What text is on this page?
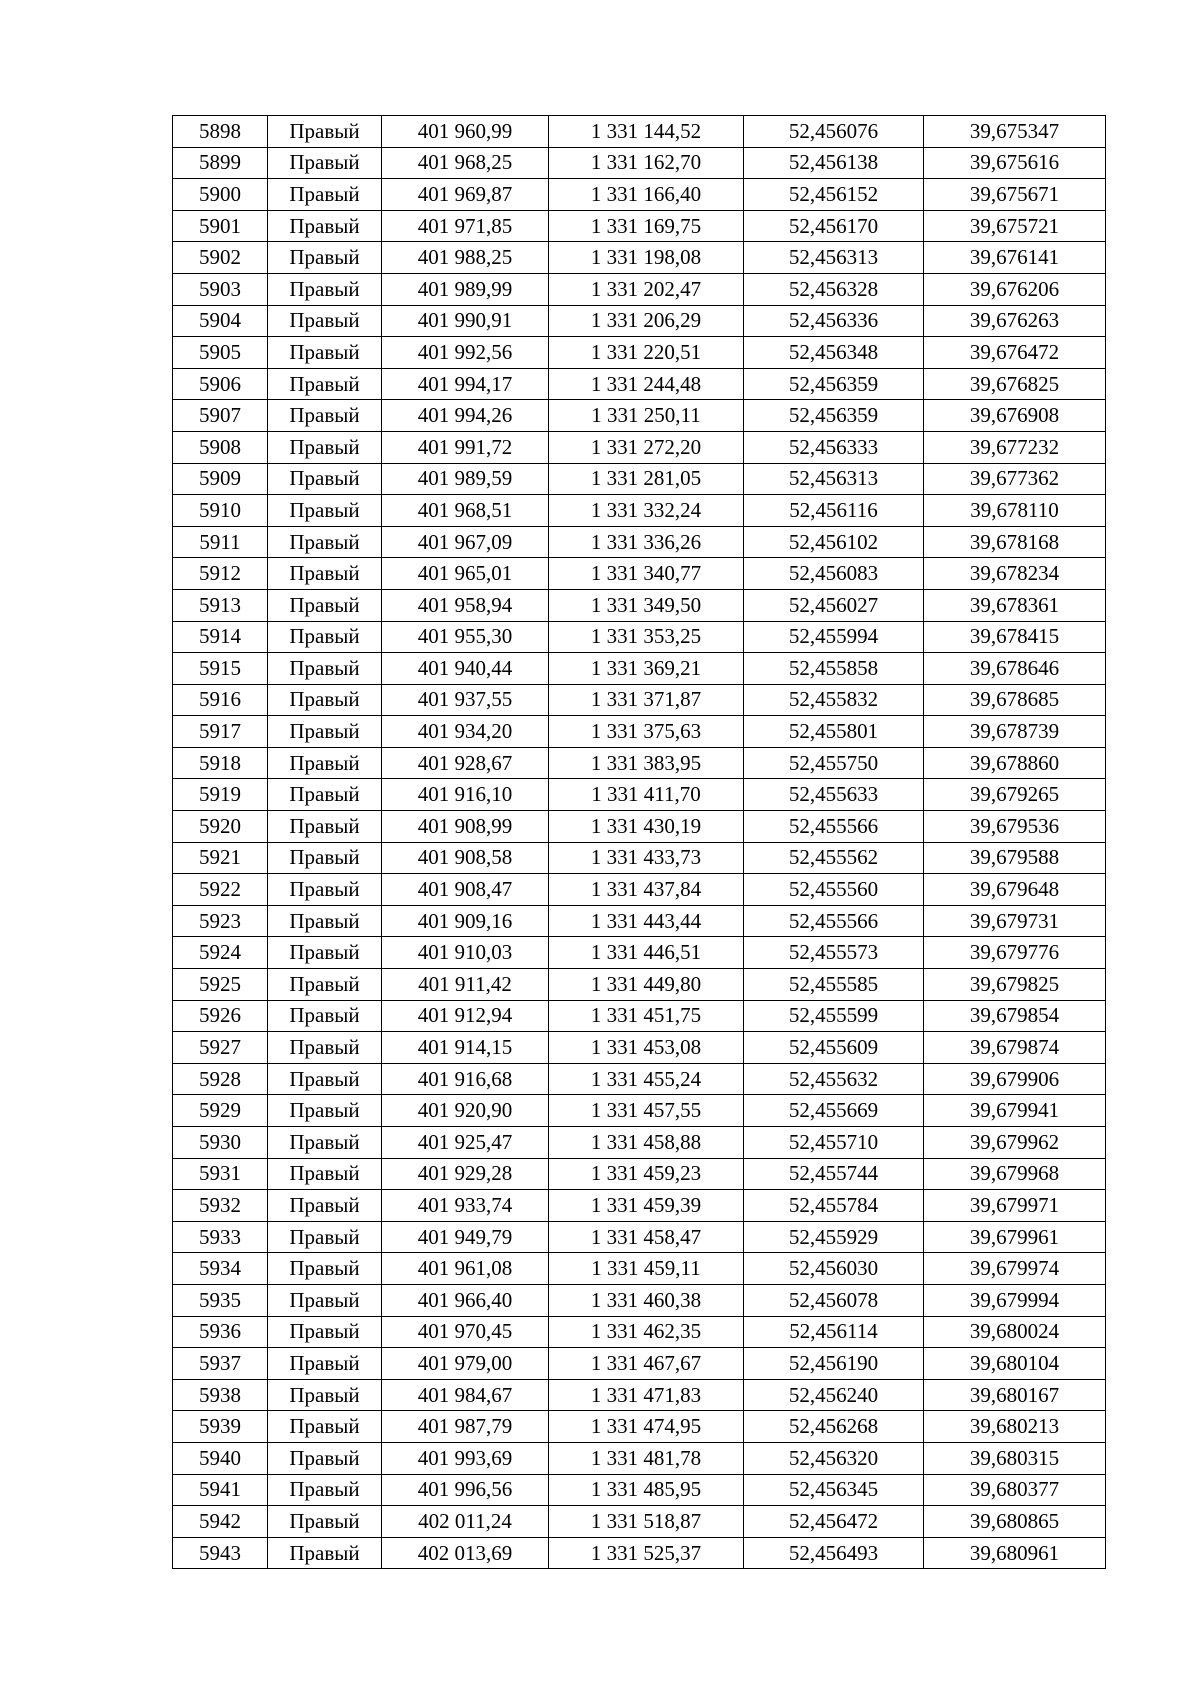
5898	Правый	401 960,99	1 331 144,52	52,456076	39,675347
5899	Правый	401 968,25	1 331 162,70	52,456138	39,675616
5900	Правый	401 969,87	1 331 166,40	52,456152	39,675671
5901	Правый	401 971,85	1 331 169,75	52,456170	39,675721
5902	Правый	401 988,25	1 331 198,08	52,456313	39,676141
5903	Правый	401 989,99	1 331 202,47	52,456328	39,676206
5904	Правый	401 990,91	1 331 206,29	52,456336	39,676263
5905	Правый	401 992,56	1 331 220,51	52,456348	39,676472
5906	Правый	401 994,17	1 331 244,48	52,456359	39,676825
5907	Правый	401 994,26	1 331 250,11	52,456359	39,676908
5908	Правый	401 991,72	1 331 272,20	52,456333	39,677232
5909	Правый	401 989,59	1 331 281,05	52,456313	39,677362
5910	Правый	401 968,51	1 331 332,24	52,456116	39,678110
5911	Правый	401 967,09	1 331 336,26	52,456102	39,678168
5912	Правый	401 965,01	1 331 340,77	52,456083	39,678234
5913	Правый	401 958,94	1 331 349,50	52,456027	39,678361
5914	Правый	401 955,30	1 331 353,25	52,455994	39,678415
5915	Правый	401 940,44	1 331 369,21	52,455858	39,678646
5916	Правый	401 937,55	1 331 371,87	52,455832	39,678685
5917	Правый	401 934,20	1 331 375,63	52,455801	39,678739
5918	Правый	401 928,67	1 331 383,95	52,455750	39,678860
5919	Правый	401 916,10	1 331 411,70	52,455633	39,679265
5920	Правый	401 908,99	1 331 430,19	52,455566	39,679536
5921	Правый	401 908,58	1 331 433,73	52,455562	39,679588
5922	Правый	401 908,47	1 331 437,84	52,455560	39,679648
5923	Правый	401 909,16	1 331 443,44	52,455566	39,679731
5924	Правый	401 910,03	1 331 446,51	52,455573	39,679776
5925	Правый	401 911,42	1 331 449,80	52,455585	39,679825
5926	Правый	401 912,94	1 331 451,75	52,455599	39,679854
5927	Правый	401 914,15	1 331 453,08	52,455609	39,679874
5928	Правый	401 916,68	1 331 455,24	52,455632	39,679906
5929	Правый	401 920,90	1 331 457,55	52,455669	39,679941
5930	Правый	401 925,47	1 331 458,88	52,455710	39,679962
5931	Правый	401 929,28	1 331 459,23	52,455744	39,679968
5932	Правый	401 933,74	1 331 459,39	52,455784	39,679971
5933	Правый	401 949,79	1 331 458,47	52,455929	39,679961
5934	Правый	401 961,08	1 331 459,11	52,456030	39,679974
5935	Правый	401 966,40	1 331 460,38	52,456078	39,679994
5936	Правый	401 970,45	1 331 462,35	52,456114	39,680024
5937	Правый	401 979,00	1 331 467,67	52,456190	39,680104
5938	Правый	401 984,67	1 331 471,83	52,456240	39,680167
5939	Правый	401 987,79	1 331 474,95	52,456268	39,680213
5940	Правый	401 993,69	1 331 481,78	52,456320	39,680315
5941	Правый	401 996,56	1 331 485,95	52,456345	39,680377
5942	Правый	402 011,24	1 331 518,87	52,456472	39,680865
5943	Правый	402 013,69	1 331 525,37	52,456493	39,680961
